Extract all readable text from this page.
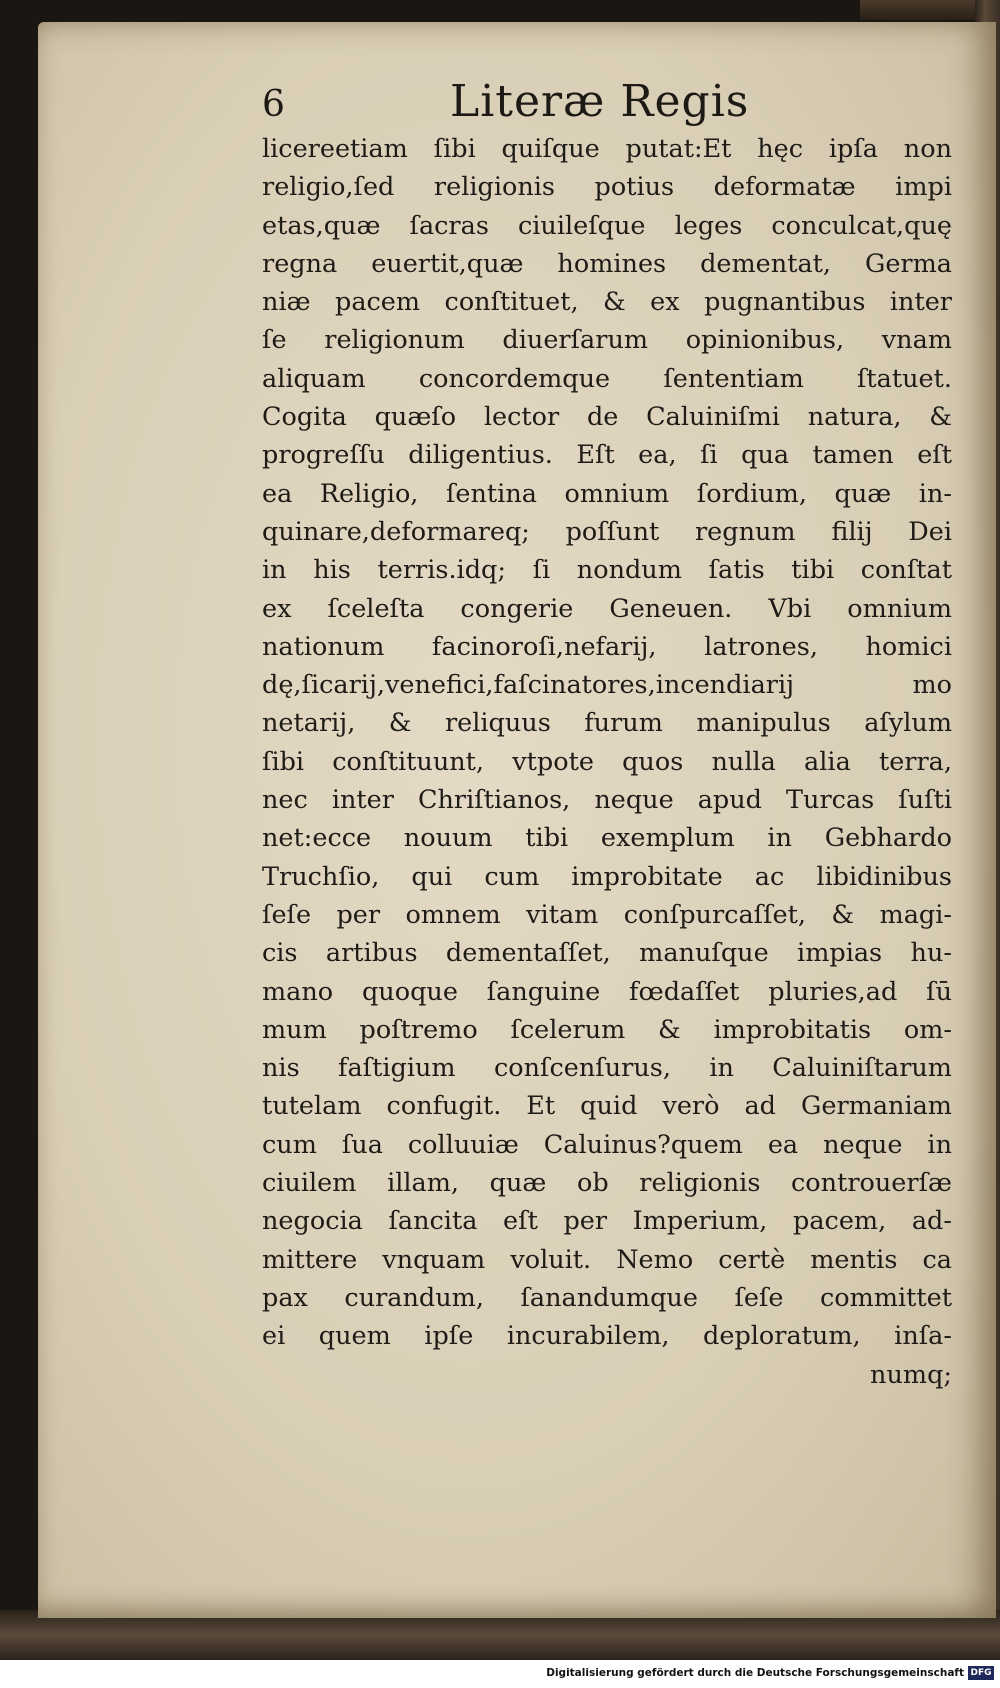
6	Literæ Regis
licereetiam ſibi quiſque putat:Et hęc ipſa non
religio,ſed religionis potius deformatæ impi
etas,quæ ſacras ciuileſque leges conculcat,quę
regna euertit,quæ homines dementat, Germa
niæ pacem conſtituet, & ex pugnantibus inter
ſe religionum diuerſarum opinionibus, vnam
aliquam concordemque ſententiam ſtatuet.
Cogita quæſo lector de Caluiniſmi natura, &
progreſſu diligentius. Eſt ea, ſi qua tamen eſt
ea Religio, ſentina omnium ſordium, quæ in-
quinare,deformareq; poſſunt regnum filij Dei
in his terris.idq; ſi nondum ſatis tibi conſtat
ex ſceleſta congerie Geneuen. Vbi omnium
nationum facinoroſi,nefarij, latrones, homici
dę,ſicarij,venefici,faſcinatores,incendiarij mo
netarij, & reliquus furum manipulus aſylum
ſibi conſtituunt, vtpote quos nulla alia terra,
nec inter Chriſtianos, neque apud Turcas ſuſti
net:ecce nouum tibi exemplum in Gebhardo
Truchſio, qui cum improbitate ac libidinibus
ſeſe per omnem vitam conſpurcaſſet, & magi-
cis artibus dementaſſet, manuſque impias hu-
mano quoque ſanguine fœdaſſet pluries,ad ſū
mum poſtremo ſcelerum & improbitatis om-
nis faſtigium conſcenſurus, in Caluiniſtarum
tutelam confugit. Et quid verò ad Germaniam
cum ſua colluuiæ Caluinus?quem ea neque in
ciuilem illam, quæ ob religionis controuerſæ
negocia ſancita eſt per Imperium, pacem, ad-
mittere vnquam voluit. Nemo certè mentis ca
pax curandum, ſanandumque ſeſe committet
ei quem ipſe incurabilem, deploratum, inſa-
numq;
Digitalisierung gefördert durch die Deutsche Forschungsgemeinschaft DFG
